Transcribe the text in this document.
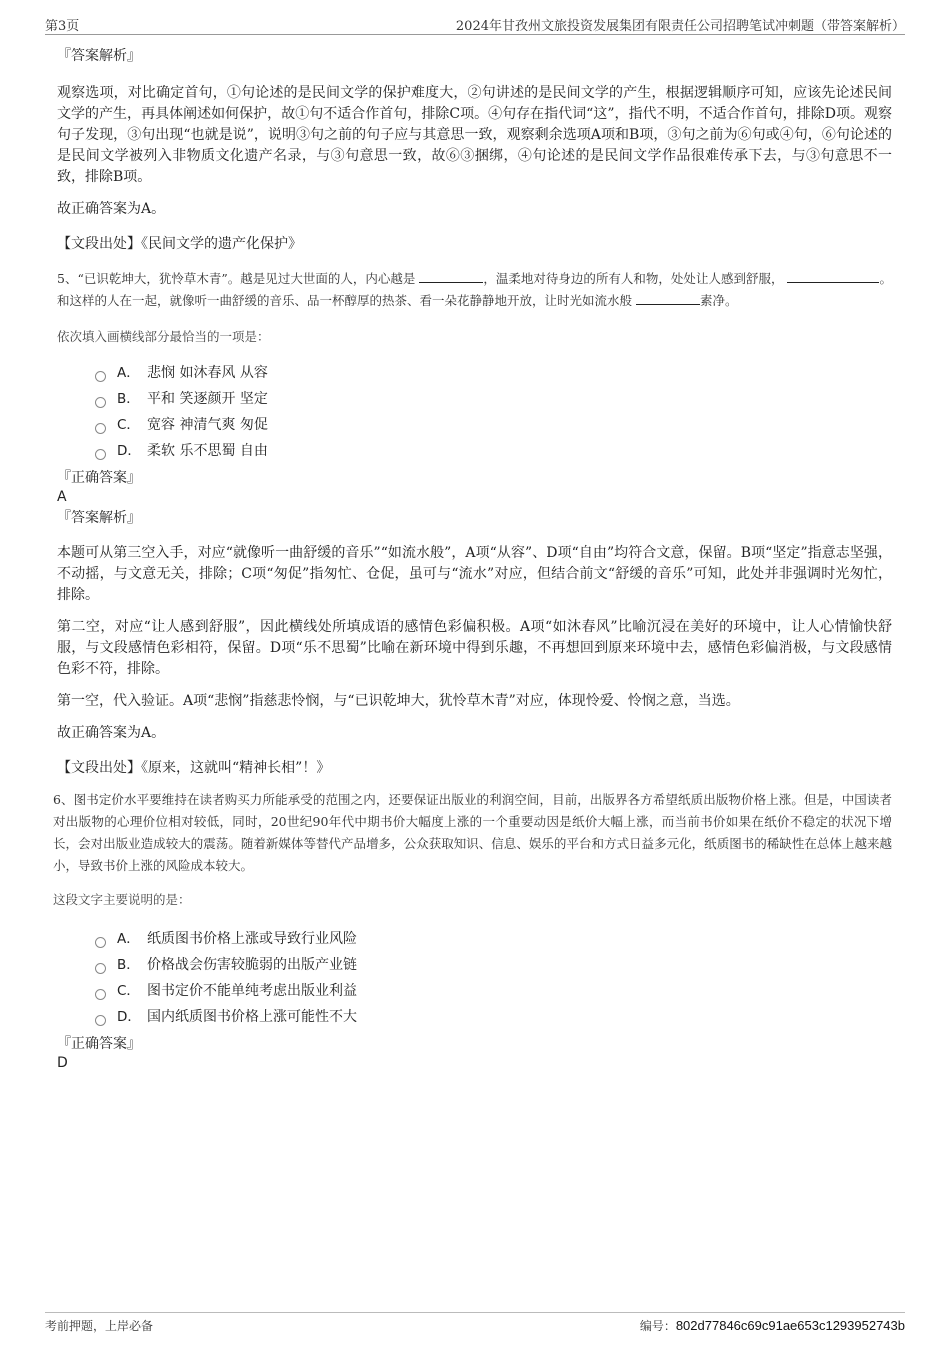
第3页	2024年甘孜州文旅投资发展集团有限责任公司招聘笔试冲刺题（带答案解析）

『答案解析』

观察选项，对比确定首句，①句论述的是民间文学的保护难度大，②句讲述的是民间文学的产生，根据逻辑顺序可知，应该先论述民间文学的产生，再具体阐述如何保护，故①句不适合作首句，排除C项。④句存在指代词“这”，指代不明，不适合作首句，排除D项。观察句子发现，③句出现“也就是说”，说明③句之前的句子应与其意思一致，观察剩余选项A项和B项，③句之前为⑥句或④句，⑥句论述的是民间文学被列入非物质文化遗产名录，与③句意思一致，故⑥③捆绑，④句论述的是民间文学作品很难传承下去，与③句意思不一致，排除B项。

故正确答案为A。

【文段出处】《民间文学的遗产化保护》

5、“已识乾坤大，犹怜草木青”。越是见过大世面的人，内心越是	，温柔地对待身边的所有人和物，处处让人感到舒服，	。和这样的人在一起，就像听一曲舒缓的音乐、品一杯醇厚的热茶、看一朵花静静地开放，让时光如流水般	素净。

依次填入画横线部分最恰当的一项是：

A． 悲悯 如沐春风 从容
B． 平和 笑逐颜开 坚定
C． 宽容 神清气爽 匆促
D． 柔软 乐不思蜀 自由

『正确答案』

A

『答案解析』

本题可从第三空入手，对应“就像听一曲舒缓的音乐”“如流水般”，A项“从容”、D项“自由”均符合文意，保留。B项“坚定”指意志坚强，不动摇，与文意无关，排除；C项“匆促”指匆忙、仓促，虽可与“流水”对应，但结合前文“舒缓的音乐”可知，此处并非强调时光匆忙，排除。

第二空，对应“让人感到舒服”，因此横线处所填成语的感情色彩偏积极。A项“如沐春风”比喻沉浸在美好的环境中，让人心情愉快舒服，与文段感情色彩相符，保留。D项“乐不思蜀”比喻在新环境中得到乐趣，不再想回到原来环境中去，感情色彩偏消极，与文段感情色彩不符，排除。

第一空，代入验证。A项“悲悯”指慈悲怜悯，与“已识乾坤大，犹怜草木青”对应，体现怜爱、怜悯之意，当选。

故正确答案为A。

【文段出处】《原来，这就叫“精神长相”！》

6、图书定价水平要维持在读者购买力所能承受的范围之内，还要保证出版业的利润空间，目前，出版界各方希望纸质出版物价格上涨。但是，中国读者对出版物的心理价位相对较低，同时，20世纪90年代中期书价大幅度上涨的一个重要动因是纸价大幅上涨，而当前书价如果在纸价不稳定的状况下增长，会对出版业造成较大的震荡。随着新媒体等替代产品增多，公众获取知识、信息、娱乐的平台和方式日益多元化，纸质图书的稀缺性在总体上越来越小，导致书价上涨的风险成本较大。

这段文字主要说明的是：

A． 纸质图书价格上涨或导致行业风险
B． 价格战会伤害较脆弱的出版产业链
C． 图书定价不能单纯考虑出版业利益
D． 国内纸质图书价格上涨可能性不大

『正确答案』

D

考前押题，上岸必备	编号：802d77846c69c91ae653c1293952743b
